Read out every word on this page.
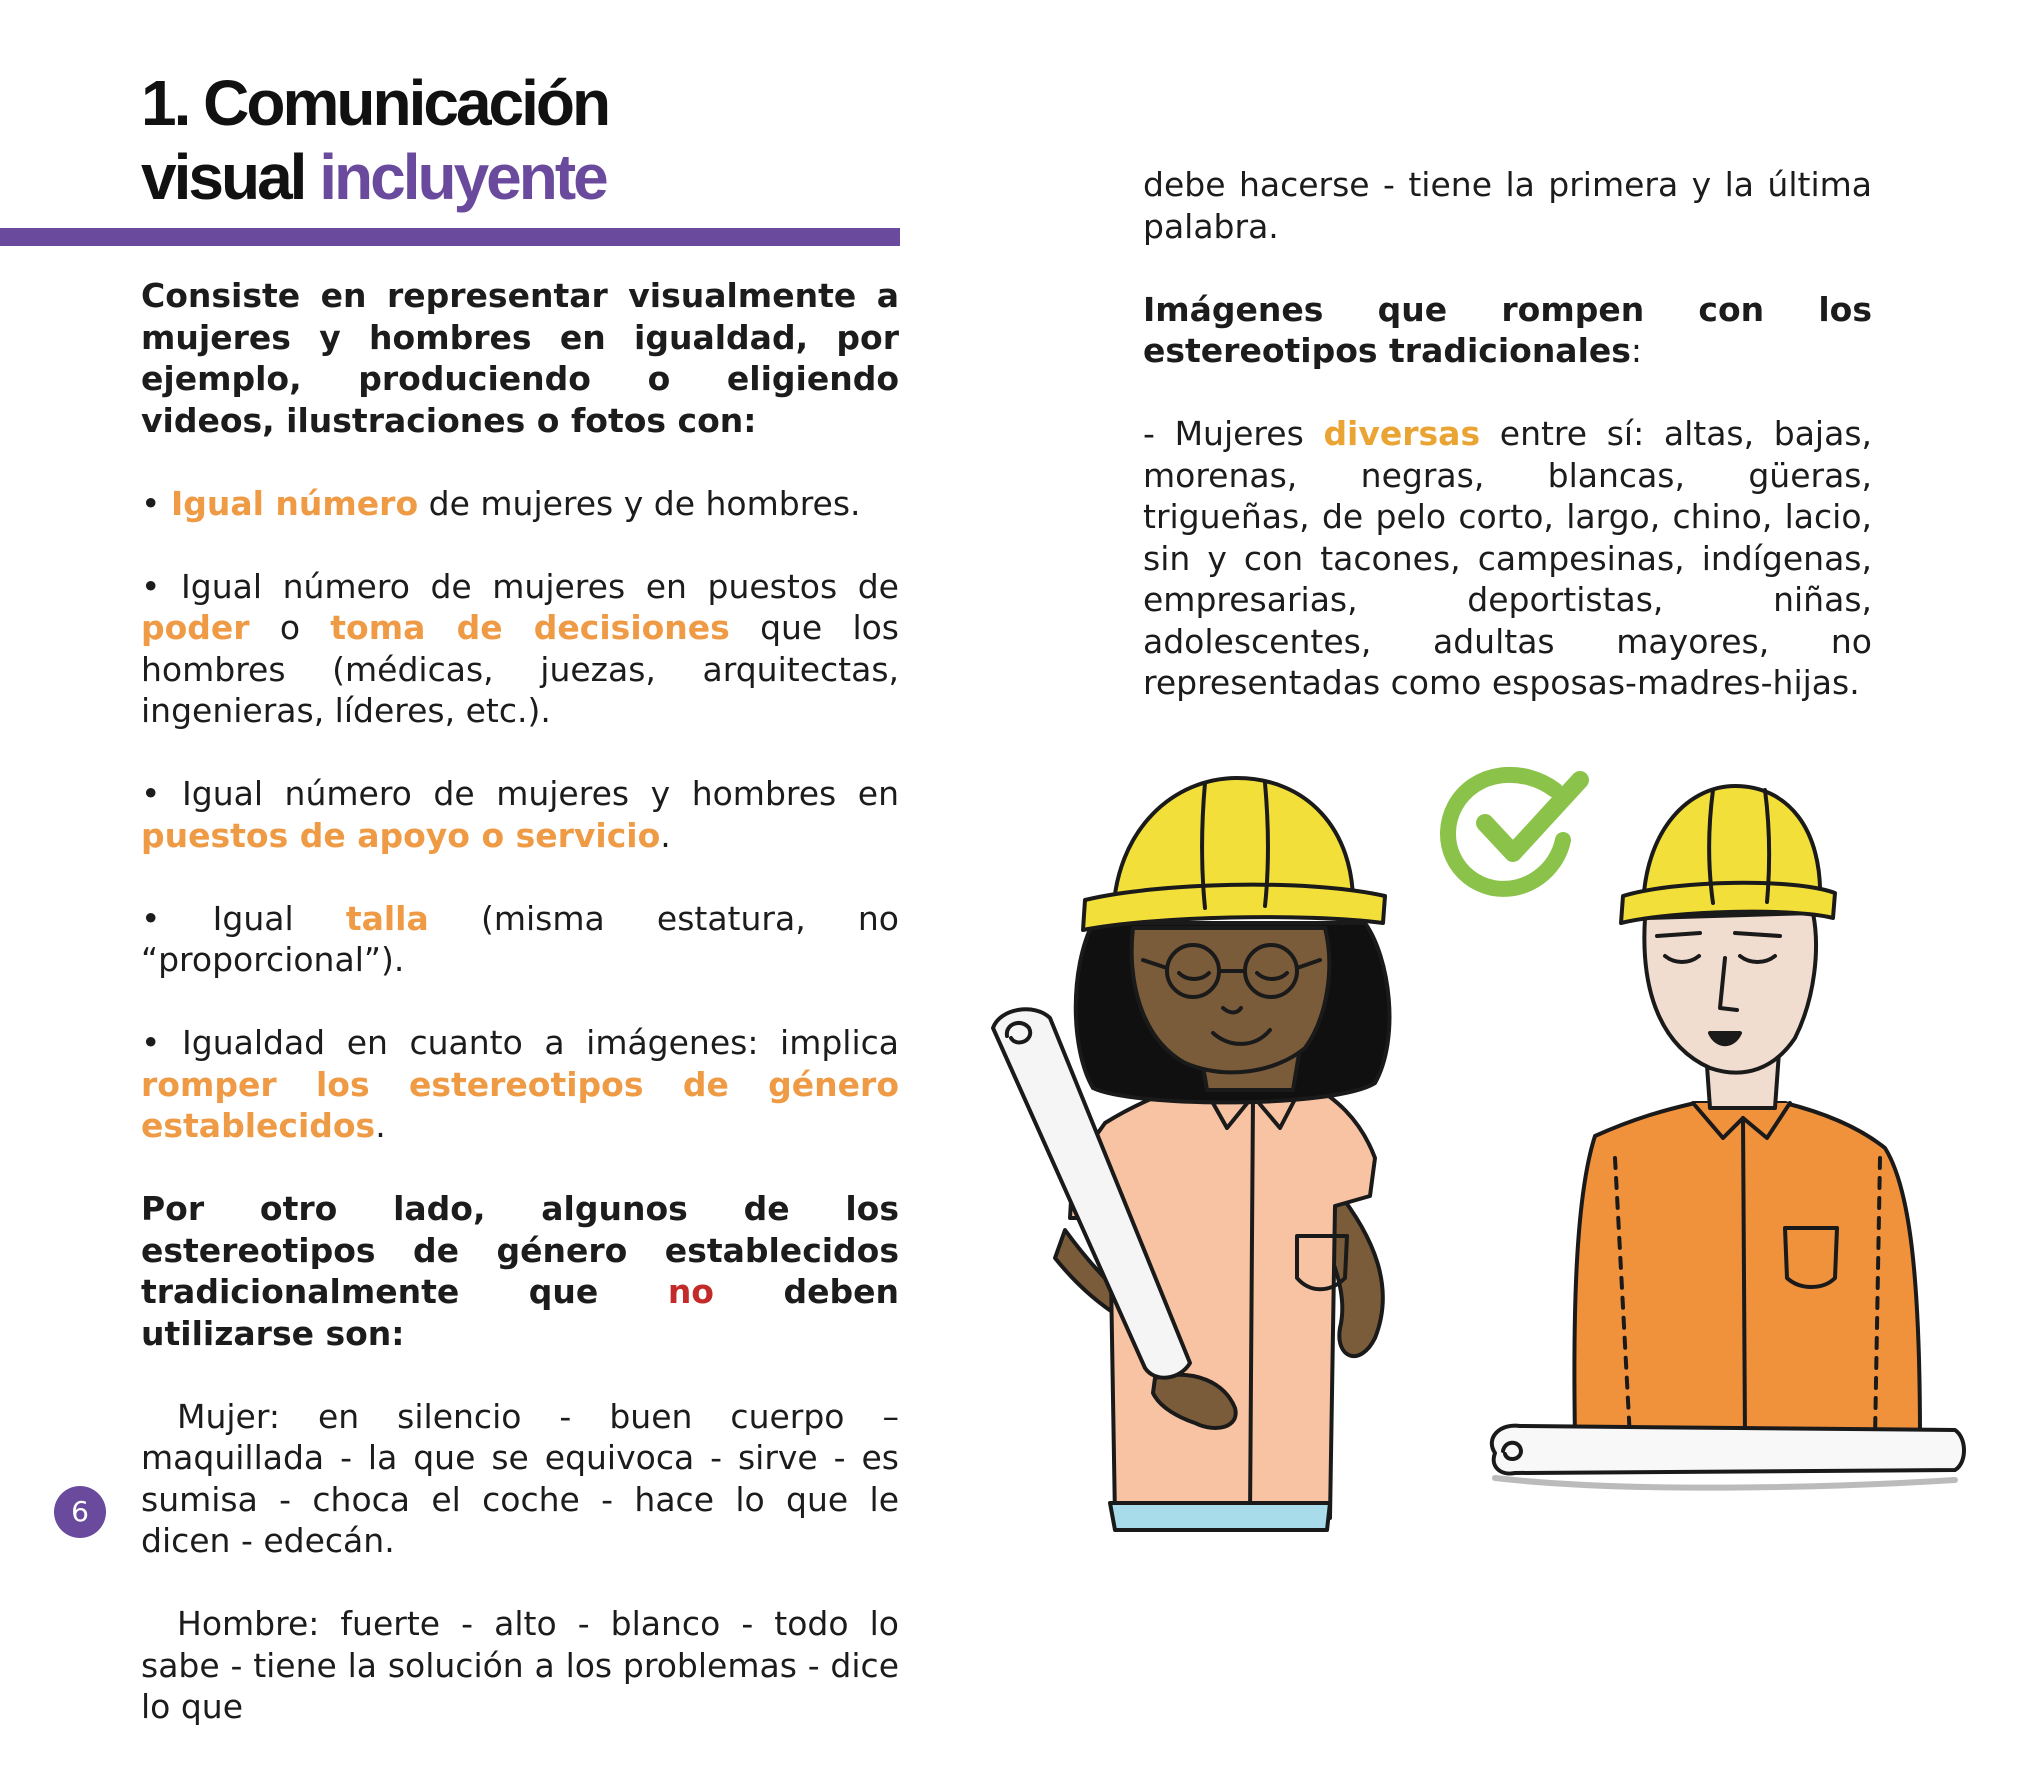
1. Comunicación
visual incluyente

Consiste en representar visualmente a mujeres y hombres en igualdad, por ejemplo, produciendo o eligiendo videos, ilustraciones o fotos con:

• Igual número de mujeres y de hombres.

• Igual número de mujeres en puestos de poder o toma de decisiones que los hombres (médicas, juezas, arquitectas, ingenieras, líderes, etc.).

• Igual número de mujeres y hombres en puestos de apoyo o servicio.

• Igual talla (misma estatura, no “proporcional”).

• Igualdad en cuanto a imágenes: implica romper los estereotipos de género establecidos.

Por otro lado, algunos de los estereotipos de género establecidos tradicionalmente que no deben utilizarse son:

Mujer: en silencio - buen cuerpo – maquillada - la que se equivoca - sirve - es sumisa - choca el coche - hace lo que le dicen - edecán.

Hombre: fuerte - alto - blanco - todo lo sabe - tiene la solución a los problemas - dice lo que

debe hacerse - tiene la primera y la última palabra.

Imágenes que rompen con los estereotipos tradicionales:

- Mujeres diversas entre sí: altas, bajas, morenas, negras, blancas, güeras, trigueñas, de pelo corto, largo, chino, lacio, sin y con tacones, campesinas, indígenas, empresarias, deportistas, niñas, adolescentes, adultas mayores, no representadas como esposas-madres-hijas.

6
